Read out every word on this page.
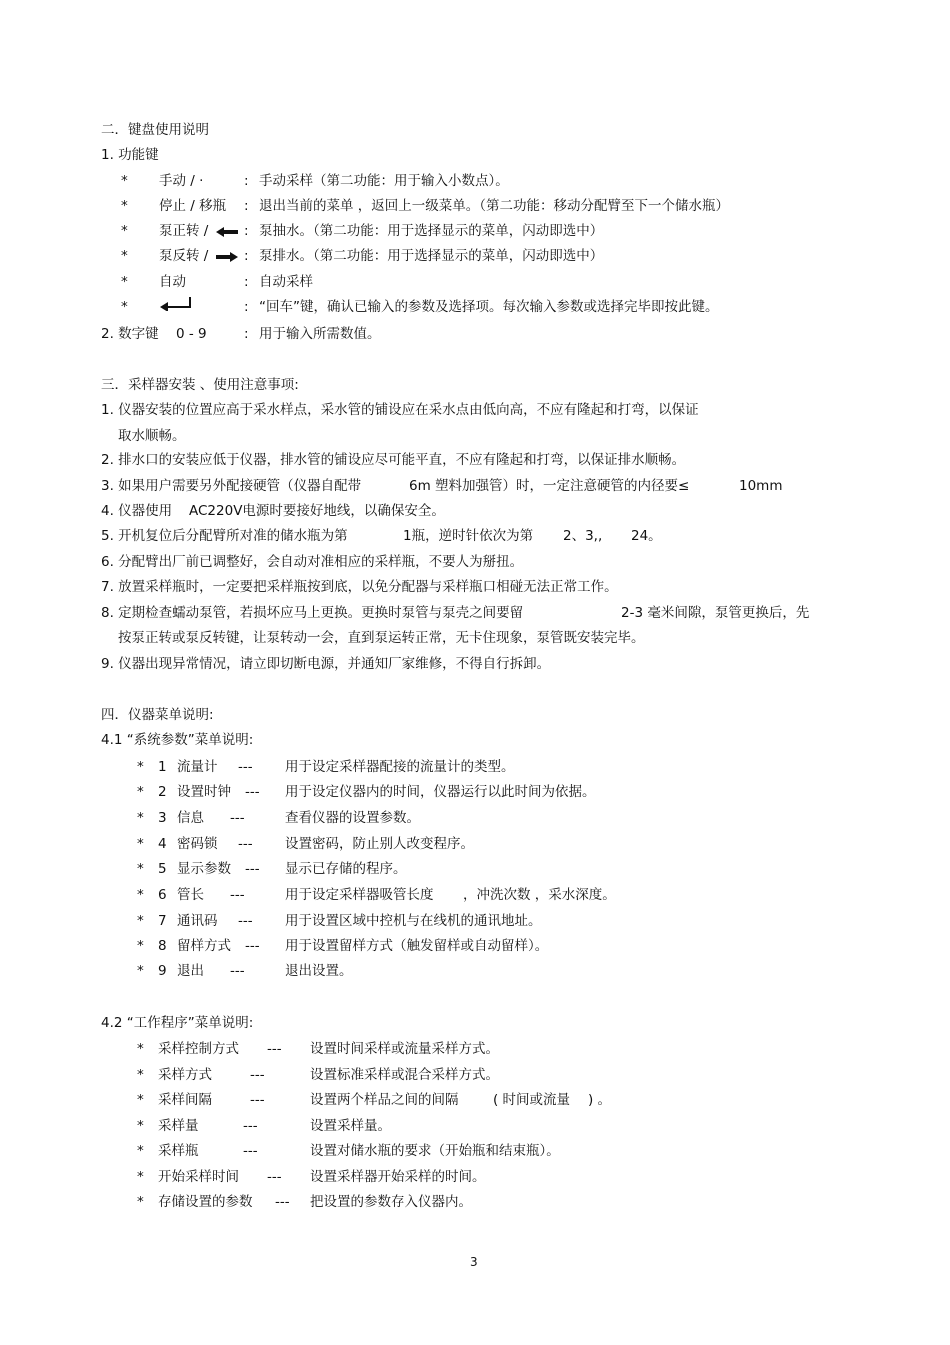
二．键盘使用说明
1. 功能键
* 手动 / ·	: 手动采样（第二功能：用于输入小数点）。
* 停止 / 移瓶 : 退出当前的菜单 ，返回上一级菜单。（第二功能：移动分配臂至下一个储水瓶）
* 泵正转 /	: 泵抽水。（第二功能：用于选择显示的菜单，闪动即选中）
* 泵反转 /	: 泵排水。（第二功能：用于选择显示的菜单，闪动即选中）
* 自动	: 自动采样
*	: “回车”键，确认已输入的参数及选择项。每次输入参数或选择完毕即按此键。
2. 数字键 0 - 9	: 用于输入所需数值。
三．采样器安装 、使用注意事项:
1. 仪器安装的位置应高于采水样点，采水管的铺设应在采水点由低向高，不应有隆起和打弯，以保证
取水顺畅。
2. 排水口的安装应低于仪器，排水管的铺设应尽可能平直，不应有隆起和打弯，以保证排水顺畅。
3. 如果用户需要另外配接硬管（仪器自配带	6m 塑料加强管）时，一定注意硬管的内径要≤	10mm
4. 仪器使用 AC220V电源时要接好地线，以确保安全。
5. 开机复位后分配臂所对准的储水瓶为第	1瓶，逆时针依次为第 2、3,, 24。
6. 分配臂出厂前已调整好，会自动对准相应的采样瓶，不要人为掰扭。
7. 放置采样瓶时，一定要把采样瓶按到底，以免分配器与采样瓶口相碰无法正常工作。
8. 定期检查蠕动泵管，若损坏应马上更换。更换时泵管与泵壳之间要留	2-3 毫米间隙，泵管更换后，先
按泵正转或泵反转键，让泵转动一会，直到泵运转正常，无卡住现象，泵管既安装完毕。
9. 仪器出现异常情况，请立即切断电源，并通知厂家维修，不得自行拆卸。
四．仪器菜单说明:
4.1 “系统参数”菜单说明:
* 1 流量计 --- 用于设定采样器配接的流量计的类型。
* 2 设置时钟 --- 用于设定仪器内的时间，仪器运行以此时间为依据。
* 3 信息 ---	查看仪器的设置参数。
* 4 密码锁 --- 设置密码，防止别人改变程序。
* 5 显示参数 --- 显示已存储的程序。
* 6 管长 ---	用于设定采样器吸管长度 ，冲洗次数 ，采水深度。
* 7 通讯码 --- 用于设置区域中控机与在线机的通讯地址。
* 8 留样方式 --- 用于设置留样方式（触发留样或自动留样）。
* 9 退出 ---	退出设置。
4.2 “工作程序”菜单说明:
* 采样控制方式 --- 设置时间采样或流量采样方式。
* 采样方式	---	设置标准采样或混合采样方式。
* 采样间隔	---	设置两个样品之间的间隔	( 时间或流量 ) 。
* 采样量	---	设置采样量。
* 采样瓶	---	设置对储水瓶的要求（开始瓶和结束瓶）。
* 开始采样时间 --- 设置采样器开始采样的时间。
* 存储设置的参数 --- 把设置的参数存入仪器内。
3
